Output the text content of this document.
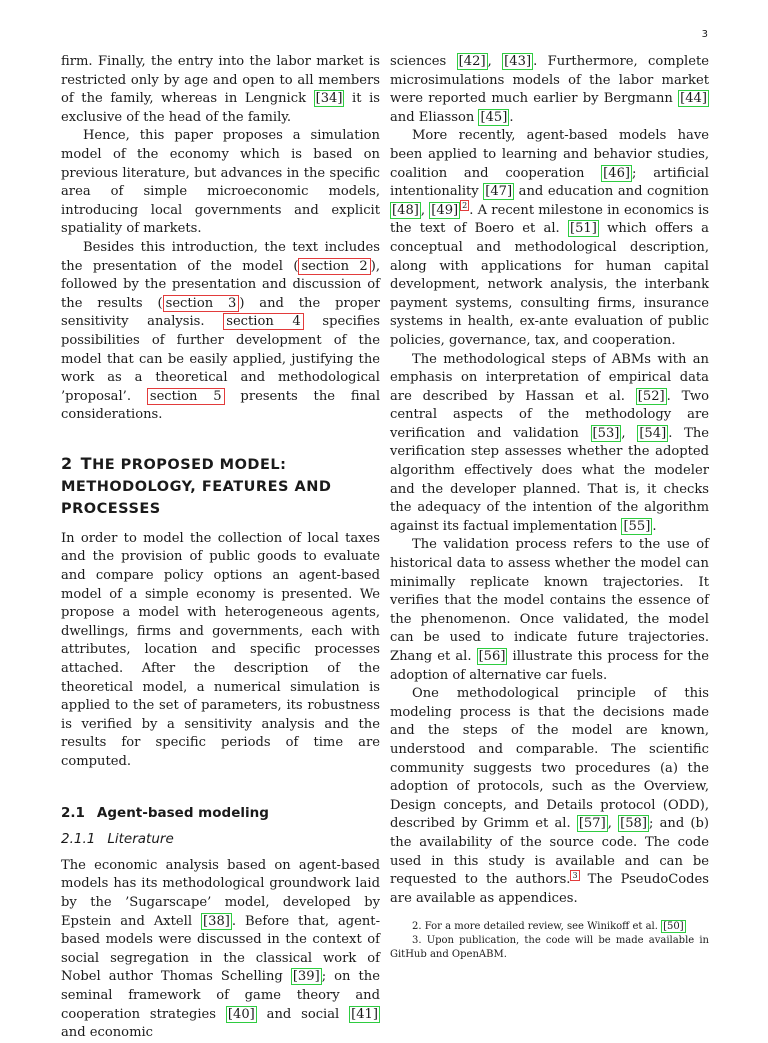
3

firm. Finally, the entry into the labor market is restricted only by age and open to all members of the family, whereas in Lengnick [34] it is exclusive of the head of the family.

Hence, this paper proposes a simulation model of the economy which is based on previous literature, but advances in the specific area of simple microeconomic models, introducing local governments and explicit spatiality of markets.

Besides this introduction, the text includes the presentation of the model ( section 2 ), followed by the presentation and discussion of the results ( section 3 ) and the proper sensitivity analysis. section 4 specifies possibilities of further development of the model that can be easily applied, justifying the work as a theoretical and methodological ’proposal’. section 5 presents the final considerations.

2 THE PROPOSED MODEL: METHODOLOGY, FEATURES AND PROCESSES

In order to model the collection of local taxes and the provision of public goods to evaluate and compare policy options an agent-based model of a simple economy is presented. We propose a model with heterogeneous agents, dwellings, firms and governments, each with attributes, location and specific processes attached. After the description of the theoretical model, a numerical simulation is applied to the set of parameters, its robustness is verified by a sensitivity analysis and the results for specific periods of time are computed.

2.1 Agent-based modeling
2.1.1 Literature

The economic analysis based on agent-based models has its methodological groundwork laid by the ’Sugarscape’ model, developed by Epstein and Axtell [38] . Before that, agent-based models were discussed in the context of social segregation in the classical work of Nobel author Thomas Schelling [39] ; on the seminal framework of game theory and cooperation strategies [40] and social [41] and economic

sciences [42] , [43] . Furthermore, complete microsimulations models of the labor market were reported much earlier by Bergmann [44] and Eliasson [45] .

More recently, agent-based models have been applied to learning and behavior studies, coalition and cooperation [46] ; artificial intentionality [47] and education and cognition [48] , [49] $^2$ . A recent milestone in economics is the text of Boero et al. [51] which offers a conceptual and methodological description, along with applications for human capital development, network analysis, the interbank payment systems, consulting firms, insurance systems in health, ex-ante evaluation of public policies, governance, tax, and cooperation.

The methodological steps of ABMs with an emphasis on interpretation of empirical data are described by Hassan et al. [52] . Two central aspects of the methodology are verification and validation [53] , [54] . The verification step assesses whether the adopted algorithm effectively does what the modeler and the developer planned. That is, it checks the adequacy of the intention of the algorithm against its factual implementation [55] .

The validation process refers to the use of historical data to assess whether the model can minimally replicate known trajectories. It verifies that the model contains the essence of the phenomenon. Once validated, the model can be used to indicate future trajectories. Zhang et al. [56] illustrate this process for the adoption of alternative car fuels.

One methodological principle of this modeling process is that the decisions made and the steps of the model are known, understood and comparable. The scientific community suggests two procedures (a) the adoption of protocols, such as the Overview, Design concepts, and Details protocol (ODD), described by Grimm et al. [57] , [58] ; and (b) the availability of the source code. The code used in this study is available and can be requested to the authors. $^3$ The PseudoCodes are available as appendices.

2. For a more detailed review, see Winikoff et al. [50]

3. Upon publication, the code will be made available in GitHub and OpenABM.
